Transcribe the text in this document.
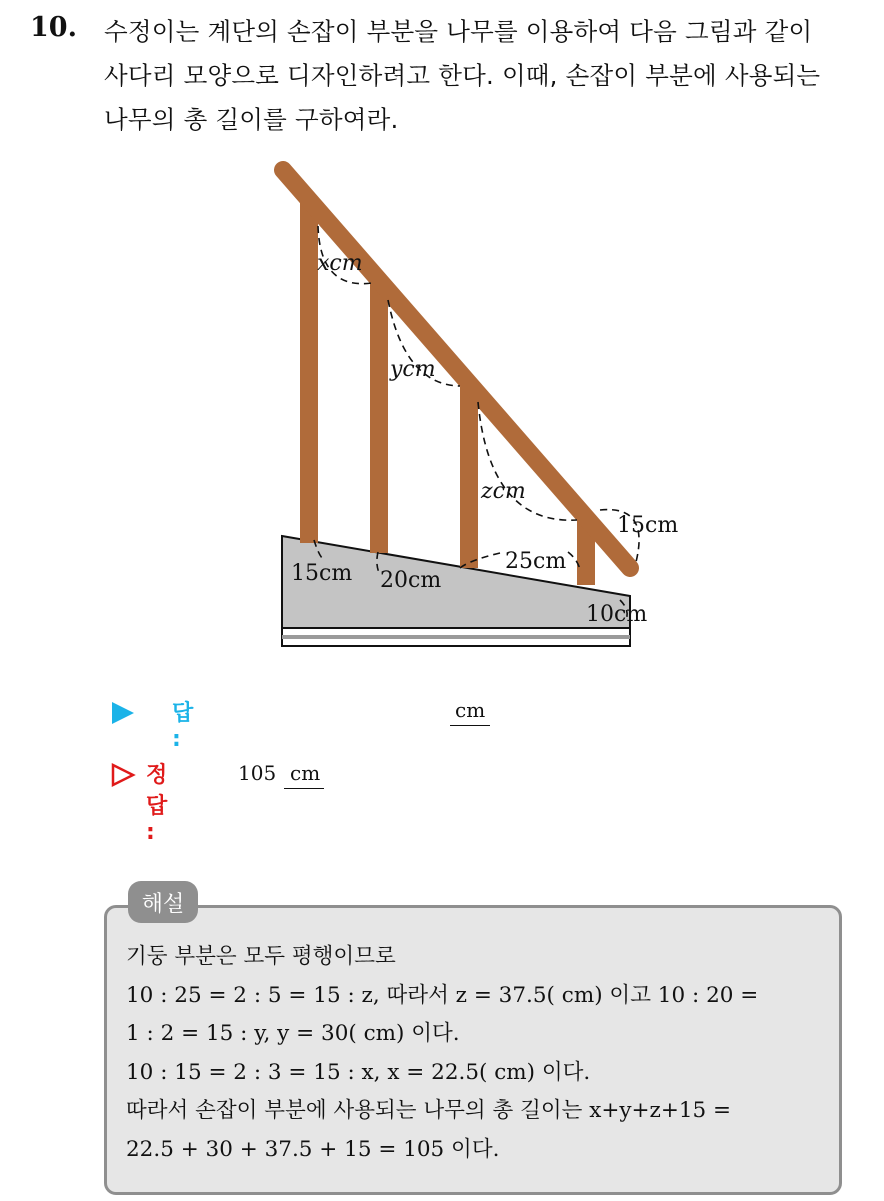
10. 수정이는 계단의 손잡이 부분을 나무를 이용하여 다음 그림과 같이
사다리 모양으로 디자인하려고 한다. 이때, 손잡이 부분에 사용되는
나무의 총 길이를 구하여라.
xcm
ycm
zcm
15cm
15cm 20cm
25cm
10cm
답 :
cm
정답 :
105 cm
해설
기둥 부분은 모두 평행이므로
10 : 25 = 2 : 5 = 15 : z, 따라서 z = 37.5( cm) 이고 10 : 20 =
1 : 2 = 15 : y, y = 30( cm) 이다.
10 : 15 = 2 : 3 = 15 : x, x = 22.5( cm) 이다.
따라서 손잡이 부분에 사용되는 나무의 총 길이는 x+y+z+15 =
22.5 + 30 + 37.5 + 15 = 105 이다.
